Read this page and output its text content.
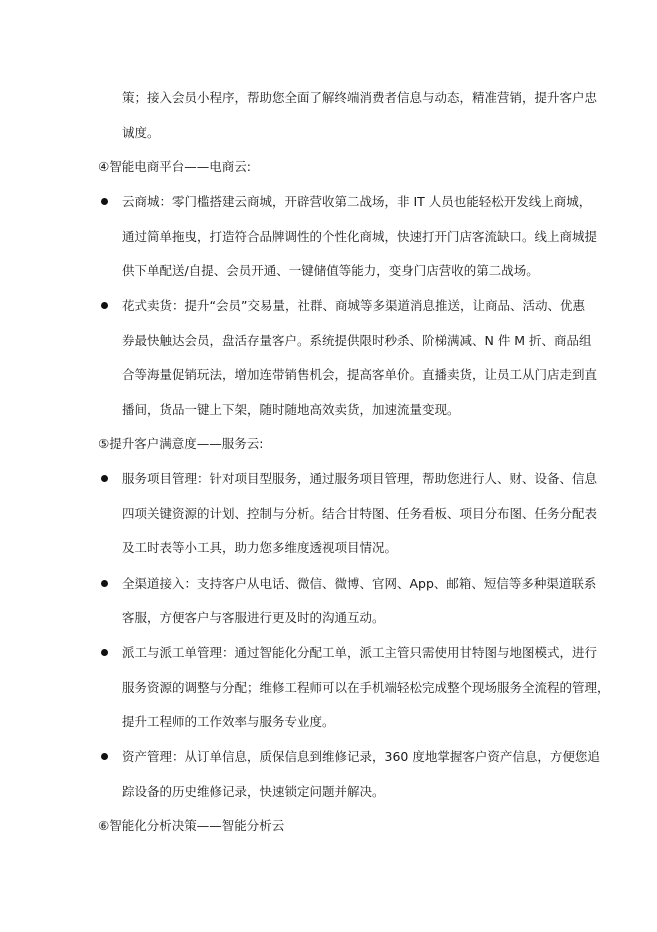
策；接入会员小程序，帮助您全面了解终端消费者信息与动态，精准营销，提升客户忠
诚度。
④智能电商平台——电商云:
云商城：零门槛搭建云商城，开辟营收第二战场，非 IT 人员也能轻松开发线上商城，
通过简单拖曳，打造符合品牌调性的个性化商城，快速打开门店客流缺口。线上商城提
供下单配送/自提、会员开通、一键储值等能力，变身门店营收的第二战场。
花式卖货：提升“会员”交易量，社群、商城等多渠道消息推送，让商品、活动、优惠
券最快触达会员，盘活存量客户。系统提供限时秒杀、阶梯满减、N 件 M 折、商品组
合等海量促销玩法，增加连带销售机会，提高客单价。直播卖货，让员工从门店走到直
播间，货品一键上下架，随时随地高效卖货，加速流量变现。
⑤提升客户满意度——服务云:
服务项目管理：针对项目型服务，通过服务项目管理，帮助您进行人、财、设备、信息
四项关键资源的计划、控制与分析。结合甘特图、任务看板、项目分布图、任务分配表
及工时表等小工具，助力您多维度透视项目情况。
全渠道接入：支持客户从电话、微信、微博、官网、App、邮箱、短信等多种渠道联系
客服，方便客户与客服进行更及时的沟通互动。
派工与派工单管理：通过智能化分配工单，派工主管只需使用甘特图与地图模式，进行
服务资源的调整与分配；维修工程师可以在手机端轻松完成整个现场服务全流程的管理，
提升工程师的工作效率与服务专业度。
资产管理：从订单信息，质保信息到维修记录，360 度地掌握客户资产信息，方便您追
踪设备的历史维修记录，快速锁定问题并解决。
⑥智能化分析决策——智能分析云
